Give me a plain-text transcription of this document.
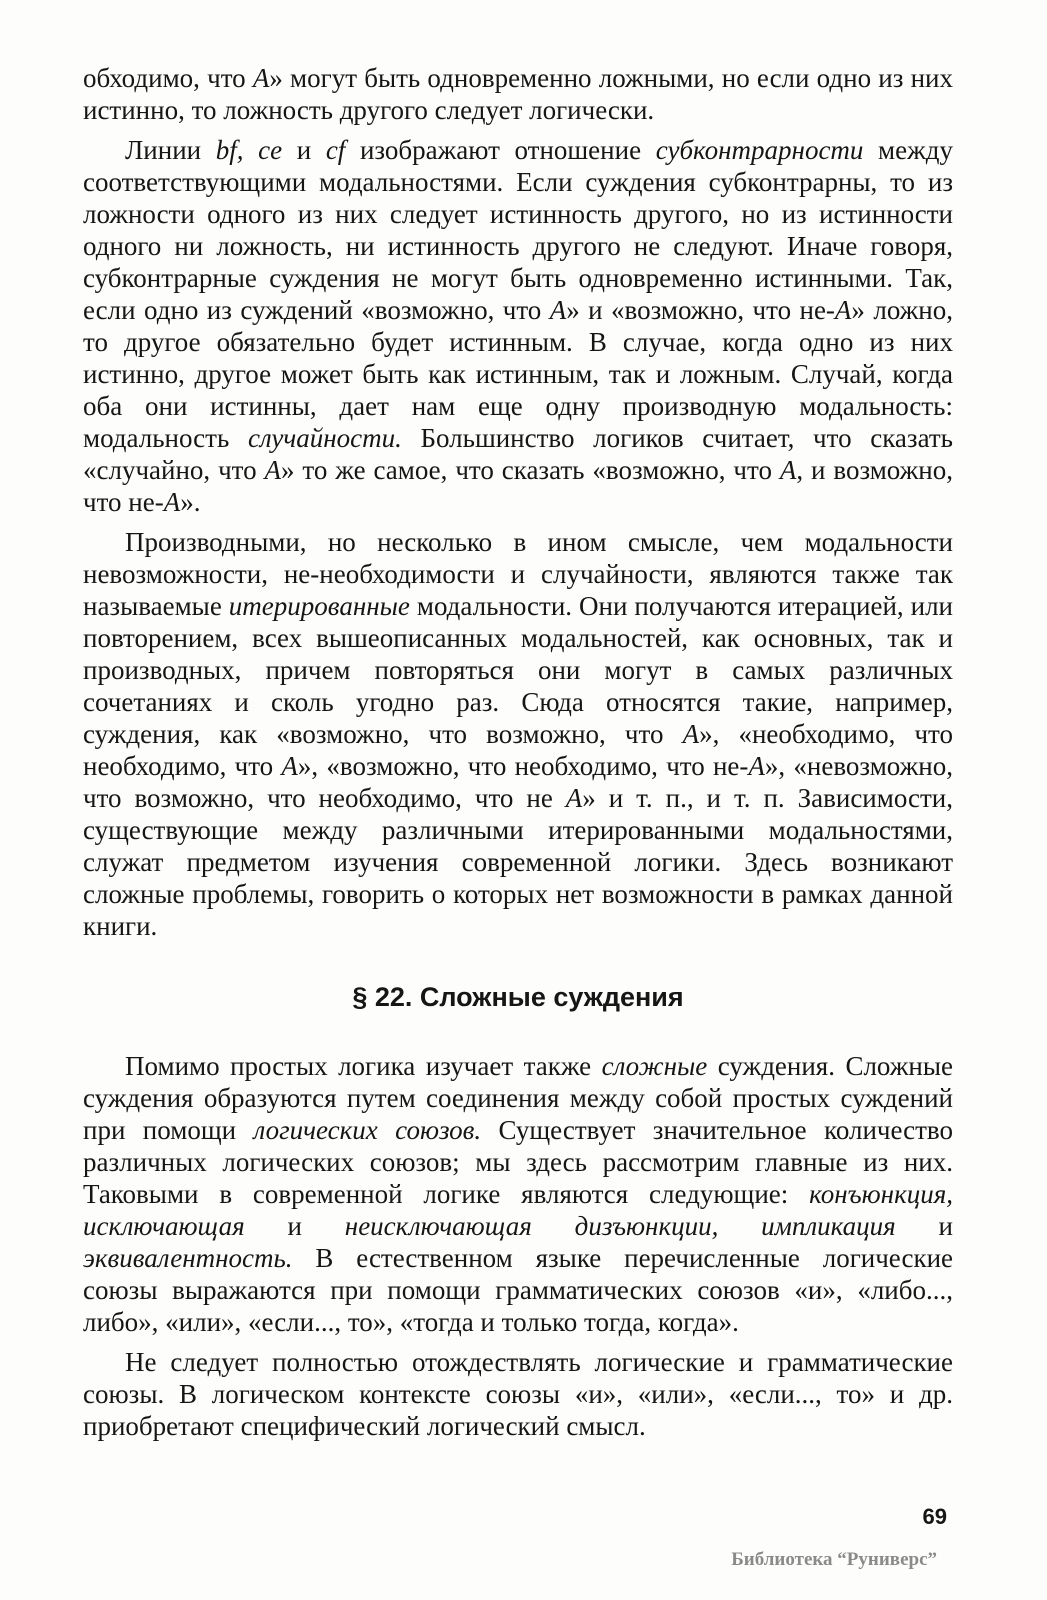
обходимо, что А» могут быть одновременно ложными, но если одно из них истинно, то ложность другого следует логически.

Линии bf, ce и cf изображают отношение субконтрарности между соответствующими модальностями. Если суждения субконтрарны, то из ложности одного из них следует истинность другого, но из истинности одного ни ложность, ни истинность другого не следуют. Иначе говоря, субконтрарные суждения не могут быть одновременно истинными. Так, если одно из суждений «возможно, что А» и «возможно, что не-А» ложно, то другое обязательно будет истинным. В случае, когда одно из них истинно, другое может быть как истинным, так и ложным. Случай, когда оба они истинны, дает нам еще одну производную модальность: модальность случайности. Большинство логиков считает, что сказать «случайно, что А» то же самое, что сказать «возможно, что А, и возможно, что не-А».

Производными, но несколько в ином смысле, чем модальности невозможности, не-необходимости и случайности, являются также так называемые итерированные модальности. Они получаются итерацией, или повторением, всех вышеописанных модальностей, как основных, так и производных, причем повторяться они могут в самых различных сочетаниях и сколь угодно раз. Сюда относятся такие, например, суждения, как «возможно, что возможно, что А», «необходимо, что необходимо, что А», «возможно, что необходимо, что не-А», «невозможно, что возможно, что необходимо, что не А» и т. п., и т. п. Зависимости, существующие между различными итерированными модальностями, служат предметом изучения современной логики. Здесь возникают сложные проблемы, говорить о которых нет возможности в рамках данной книги.

§ 22. Сложные суждения

Помимо простых логика изучает также сложные суждения. Сложные суждения образуются путем соединения между собой простых суждений при помощи логических союзов. Существует значительное количество различных логических союзов; мы здесь рассмотрим главные из них. Таковыми в современной логике являются следующие: конъюнкция, исключающая и неисключающая дизъюнкции, импликация и эквивалентность. В естественном языке перечисленные логические союзы выражаются при помощи грамматических союзов «и», «либо..., либо», «или», «если..., то», «тогда и только тогда, когда».

Не следует полностью отождествлять логические и грамматические союзы. В логическом контексте союзы «и», «или», «если..., то» и др. приобретают специфический логический смысл.

69
Библиотека “Руниверс”
